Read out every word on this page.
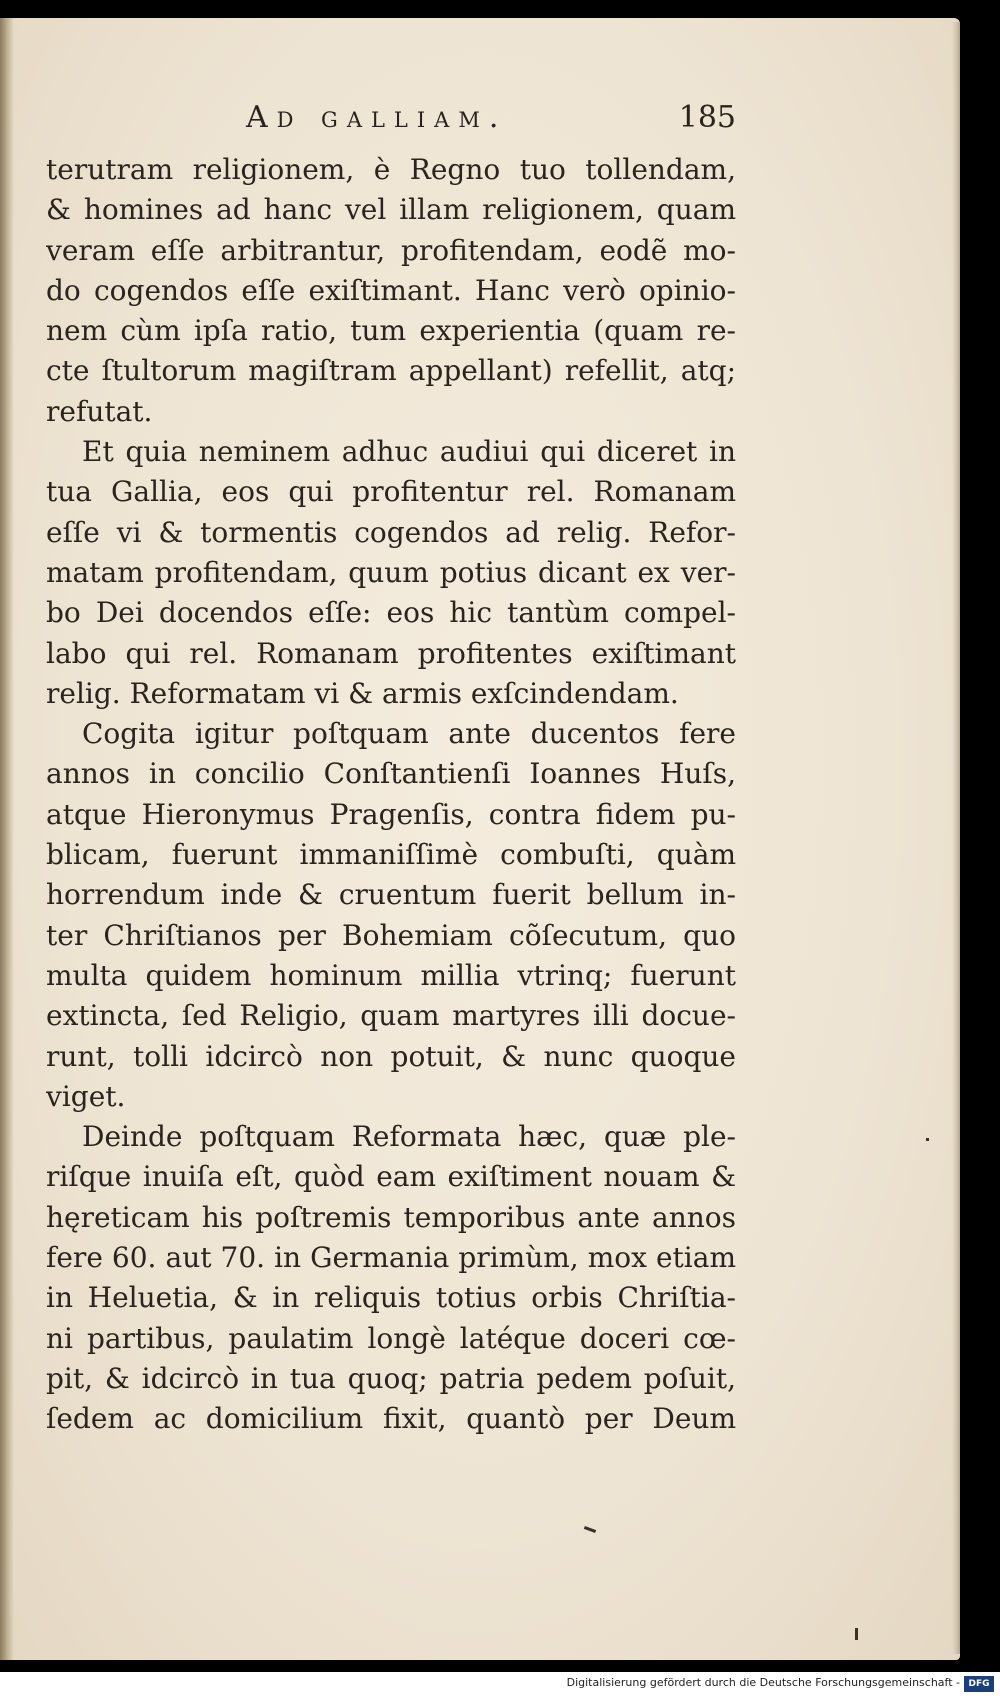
Ad galliam.	185
terutram religionem, è Regno tuo tollendam,
& homines ad hanc vel illam religionem, quam
veram eſſe arbitrantur, profitendam, eodẽ mo-
do cogendos eſſe exiſtimant. Hanc verò opinio-
nem cùm ipſa ratio, tum experientia (quam re-
cte ſtultorum magiſtram appellant) refellit, atq;
refutat.
Et quia neminem adhuc audiui qui diceret in
tua Gallia, eos qui profitentur rel. Romanam
eſſe vi & tormentis cogendos ad relig. Refor-
matam profitendam, quum potius dicant ex ver-
bo Dei docendos eſſe: eos hic tantùm compel-
labo qui rel. Romanam profitentes exiſtimant
relig. Reformatam vi & armis exſcindendam.
Cogita igitur poſtquam ante ducentos fere
annos in concilio Conſtantienſi Ioannes Huſs,
atque Hieronymus Pragenſis, contra fidem pu-
blicam, fuerunt immaniſſimè combuſti, quàm
horrendum inde & cruentum fuerit bellum in-
ter Chriſtianos per Bohemiam cõſecutum, quo
multa quidem hominum millia vtrinq; fuerunt
extincta, ſed Religio, quam martyres illi docue-
runt, tolli idcircò non potuit, & nunc quoque
viget.
Deinde poſtquam Reformata hæc, quæ ple-
riſque inuiſa eſt, quòd eam exiſtiment nouam &
hęreticam his poſtremis temporibus ante annos
fere 60. aut 70. in Germania primùm, mox etiam
in Heluetia, & in reliquis totius orbis Chriſtia-
ni partibus, paulatim longè latéque doceri cœ-
pit, & idcircò in tua quoq; patria pedem poſuit,
ſedem ac domicilium fixit, quantò per Deum
Digitalisierung gefördert durch die Deutsche Forschungsgemeinschaft - DFG
